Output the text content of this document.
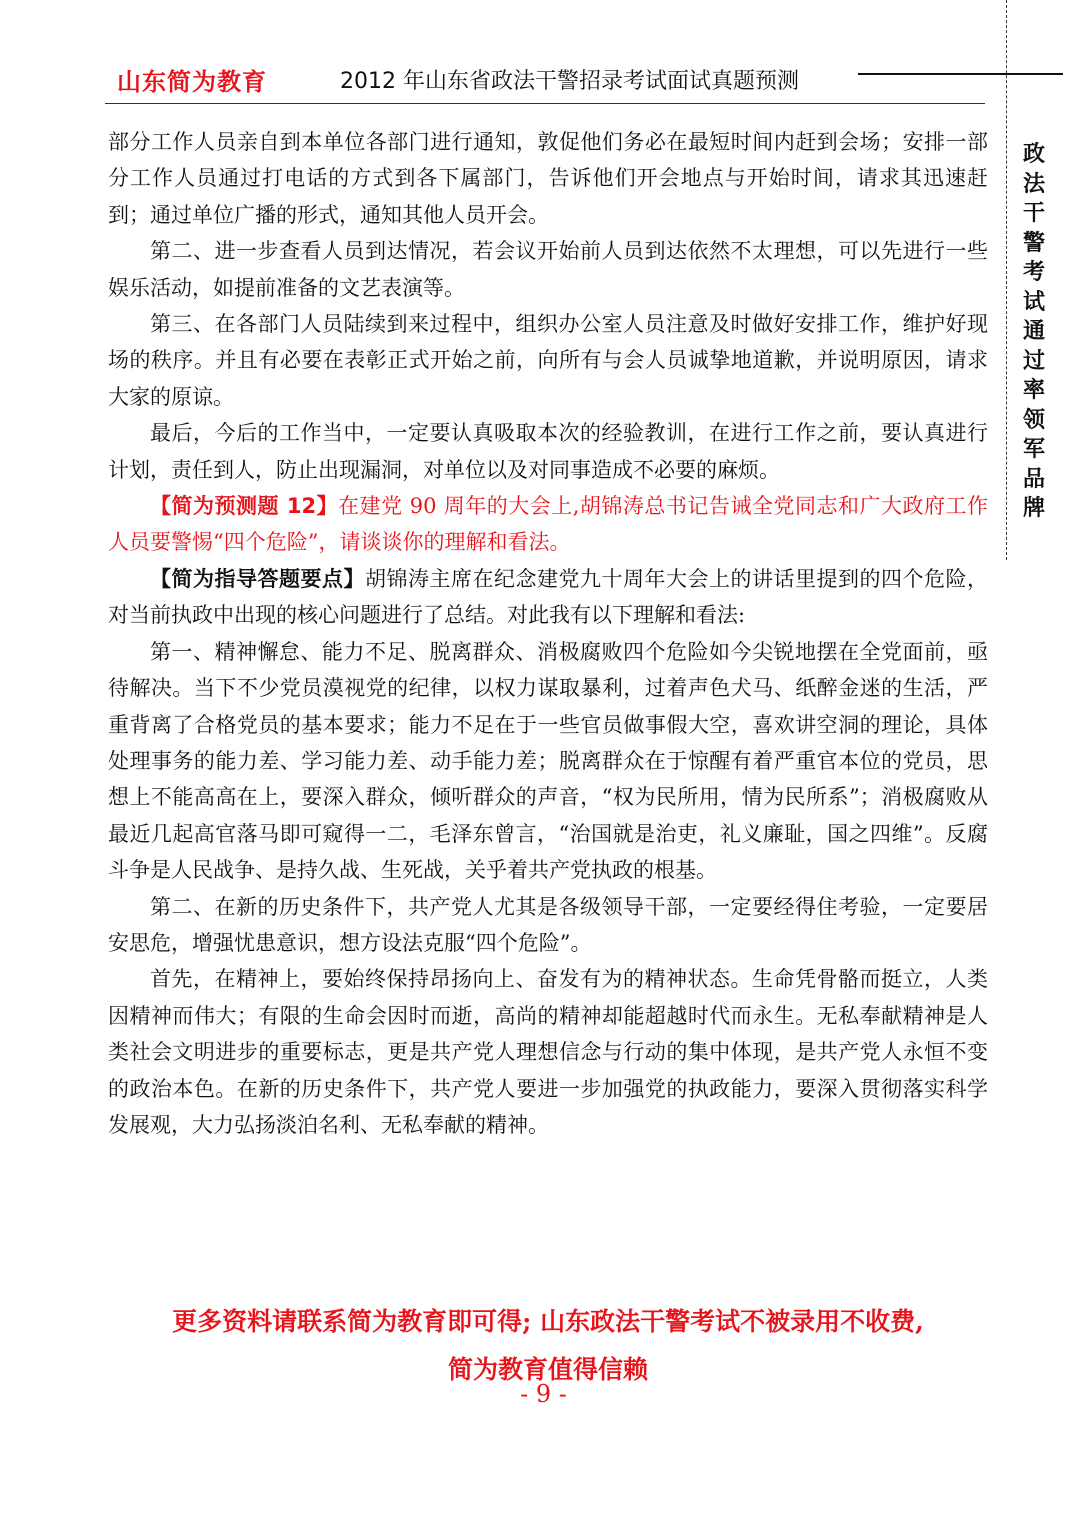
山东简为教育	2012 年山东省政法干警招录考试面试真题预测
政
法
干
警
考
试
通
过
率
领
军
品
牌

部分工作人员亲自到本单位各部门进行通知，敦促他们务必在最短时间内赶到会场；安排一部分工作人员通过打电话的方式到各下属部门，告诉他们开会地点与开始时间，请求其迅速赶到；通过单位广播的形式，通知其他人员开会。

第二、进一步查看人员到达情况，若会议开始前人员到达依然不太理想，可以先进行一些娱乐活动，如提前准备的文艺表演等。

第三、在各部门人员陆续到来过程中，组织办公室人员注意及时做好安排工作，维护好现场的秩序。并且有必要在表彰正式开始之前，向所有与会人员诚挚地道歉，并说明原因，请求大家的原谅。

最后，今后的工作当中，一定要认真吸取本次的经验教训，在进行工作之前，要认真进行计划，责任到人，防止出现漏洞，对单位以及对同事造成不必要的麻烦。

【简为预测题 12】在建党 90 周年的大会上,胡锦涛总书记告诫全党同志和广大政府工作人员要警惕“四个危险”，请谈谈你的理解和看法。

【简为指导答题要点】胡锦涛主席在纪念建党九十周年大会上的讲话里提到的四个危险，对当前执政中出现的核心问题进行了总结。对此我有以下理解和看法:

第一、精神懈怠、能力不足、脱离群众、消极腐败四个危险如今尖锐地摆在全党面前，亟待解决。当下不少党员漠视党的纪律，以权力谋取暴利，过着声色犬马、纸醉金迷的生活，严重背离了合格党员的基本要求；能力不足在于一些官员做事假大空，喜欢讲空洞的理论，具体处理事务的能力差、学习能力差、动手能力差；脱离群众在于惊醒有着严重官本位的党员，思想上不能高高在上，要深入群众，倾听群众的声音，“权为民所用，情为民所系”；消极腐败从最近几起高官落马即可窥得一二，毛泽东曾言，“治国就是治吏，礼义廉耻，国之四维”。反腐斗争是人民战争、是持久战、生死战，关乎着共产党执政的根基。

第二、在新的历史条件下，共产党人尤其是各级领导干部，一定要经得住考验，一定要居安思危，增强忧患意识，想方设法克服“四个危险”。

首先，在精神上，要始终保持昂扬向上、奋发有为的精神状态。生命凭骨骼而挺立，人类因精神而伟大；有限的生命会因时而逝，高尚的精神却能超越时代而永生。无私奉献精神是人类社会文明进步的重要标志，更是共产党人理想信念与行动的集中体现，是共产党人永恒不变的政治本色。在新的历史条件下，共产党人要进一步加强党的执政能力，要深入贯彻落实科学发展观，大力弘扬淡泊名利、无私奉献的精神。

更多资料请联系简为教育即可得; 山东政法干警考试不被录用不收费,
简为教育值得信赖
- 9 -
